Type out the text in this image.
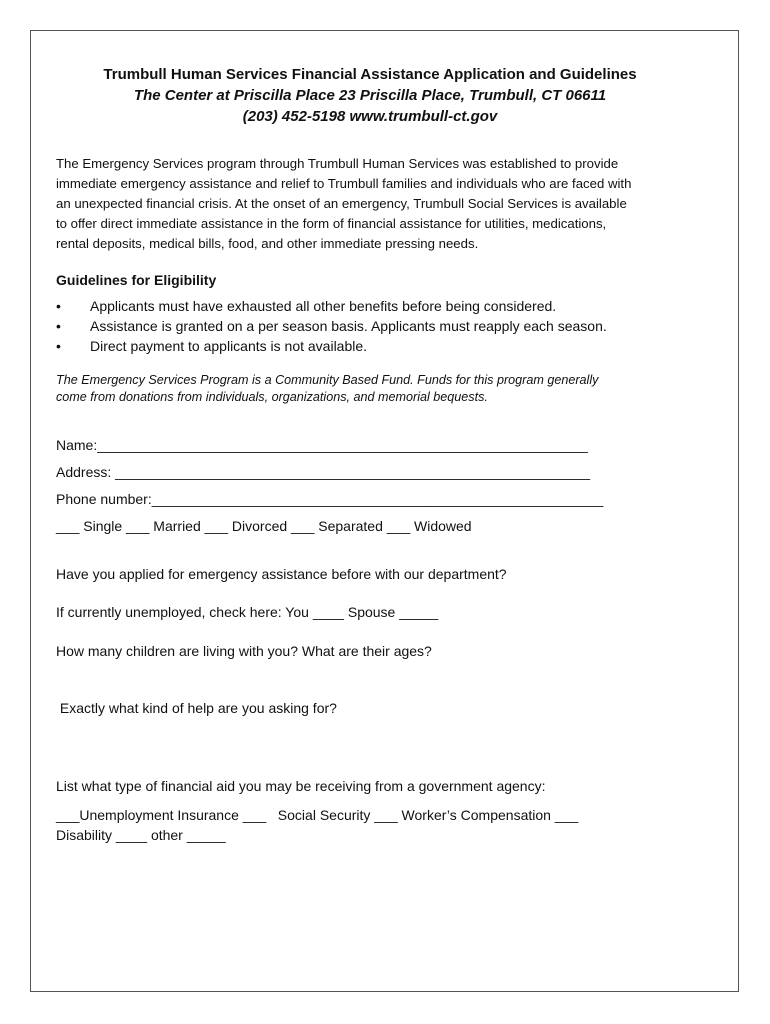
Trumbull Human Services Financial Assistance Application and Guidelines
The Center at Priscilla Place 23 Priscilla Place, Trumbull, CT 06611
(203) 452-5198 www.trumbull-ct.gov
The Emergency Services program through Trumbull Human Services was established to provide
immediate emergency assistance and relief to Trumbull families and individuals who are faced with
an unexpected financial crisis. At the onset of an emergency, Trumbull Social Services is available
to offer direct immediate assistance in the form of financial assistance for utilities, medications,
rental deposits, medical bills, food, and other immediate pressing needs.
Guidelines for Eligibility
• Applicants must have exhausted all other benefits before being considered.
• Assistance is granted on a per season basis. Applicants must reapply each season.
• Direct payment to applicants is not available.
The Emergency Services Program is a Community Based Fund. Funds for this program generally
come from donations from individuals, organizations, and memorial bequests.
Name:_______________________________________________________________
Address: _____________________________________________________________
Phone number:__________________________________________________________
___ Single ___ Married ___ Divorced ___ Separated ___ Widowed
Have you applied for emergency assistance before with our department?
If currently unemployed, check here: You ____ Spouse _____
How many children are living with you? What are their ages?
Exactly what kind of help are you asking for?
List what type of financial aid you may be receiving from a government agency:
___Unemployment Insurance ___   Social Security ___ Worker’s Compensation ___
Disability ____ other _____
